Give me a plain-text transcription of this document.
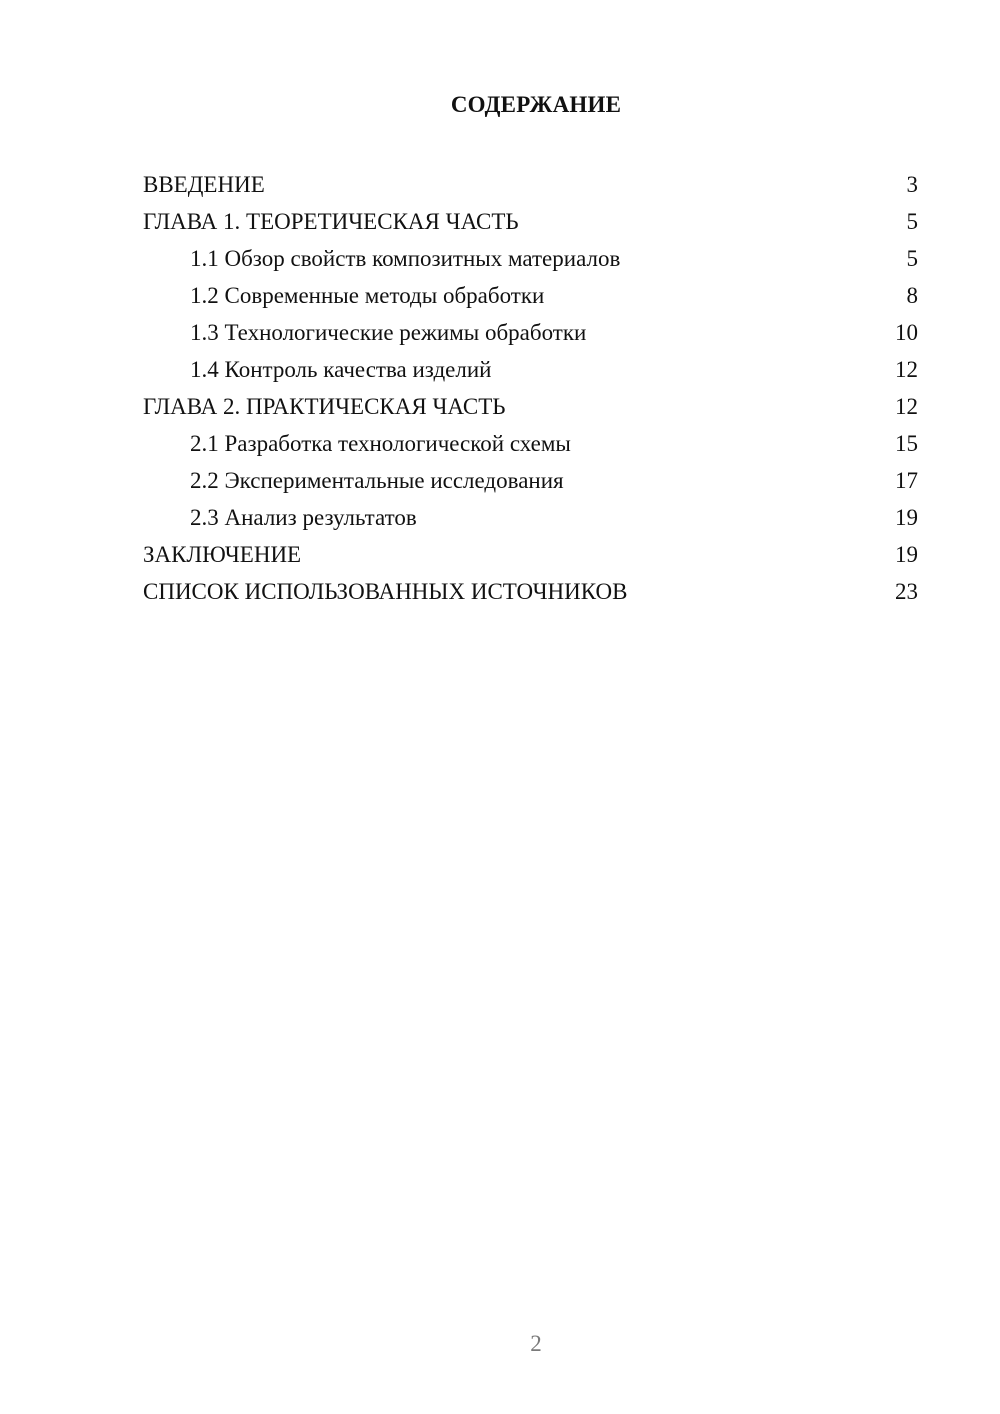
СОДЕРЖАНИЕ
ВВЕДЕНИЕ	3
ГЛАВА 1. ТЕОРЕТИЧЕСКАЯ ЧАСТЬ	5
1.1 Обзор свойств композитных материалов	5
1.2 Современные методы обработки	8
1.3 Технологические режимы обработки	10
1.4 Контроль качества изделий	12
ГЛАВА 2. ПРАКТИЧЕСКАЯ ЧАСТЬ	12
2.1 Разработка технологической схемы	15
2.2 Экспериментальные исследования	17
2.3 Анализ результатов	19
ЗАКЛЮЧЕНИЕ	19
СПИСОК ИСПОЛЬЗОВАННЫХ ИСТОЧНИКОВ	23
2
